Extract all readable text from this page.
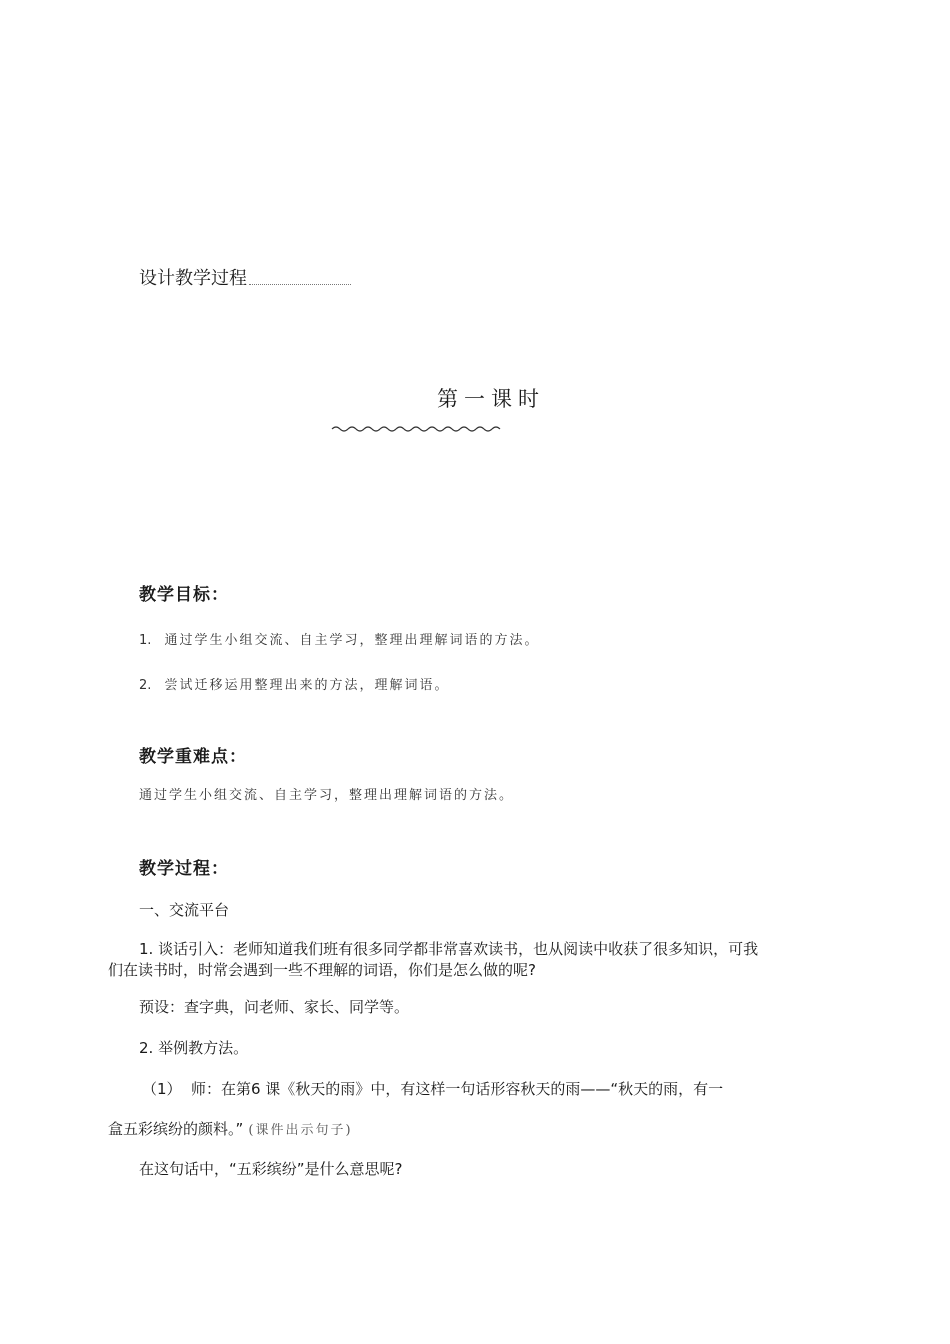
设计教学过程
第一课时
教学目标：
1. 通过学生小组交流、自主学习，整理出理解词语的方法。
2. 尝试迁移运用整理出来的方法，理解词语。
教学重难点：
通过学生小组交流、自主学习，整理出理解词语的方法。
教学过程：
一、交流平台
1. 谈话引入：老师知道我们班有很多同学都非常喜欢读书，也从阅读中收获了很多知识，可我
们在读书时，时常会遇到一些不理解的词语，你们是怎么做的呢?
预设：查字典，问老师、家长、同学等。
2. 举例教方法。
（1） 师：在第6 课《秋天的雨》中，有这样一句话形容秋天的雨——“秋天的雨，有一
盒五彩缤纷的颜料。” (课件出示句子)
在这句话中，“五彩缤纷”是什么意思呢?
